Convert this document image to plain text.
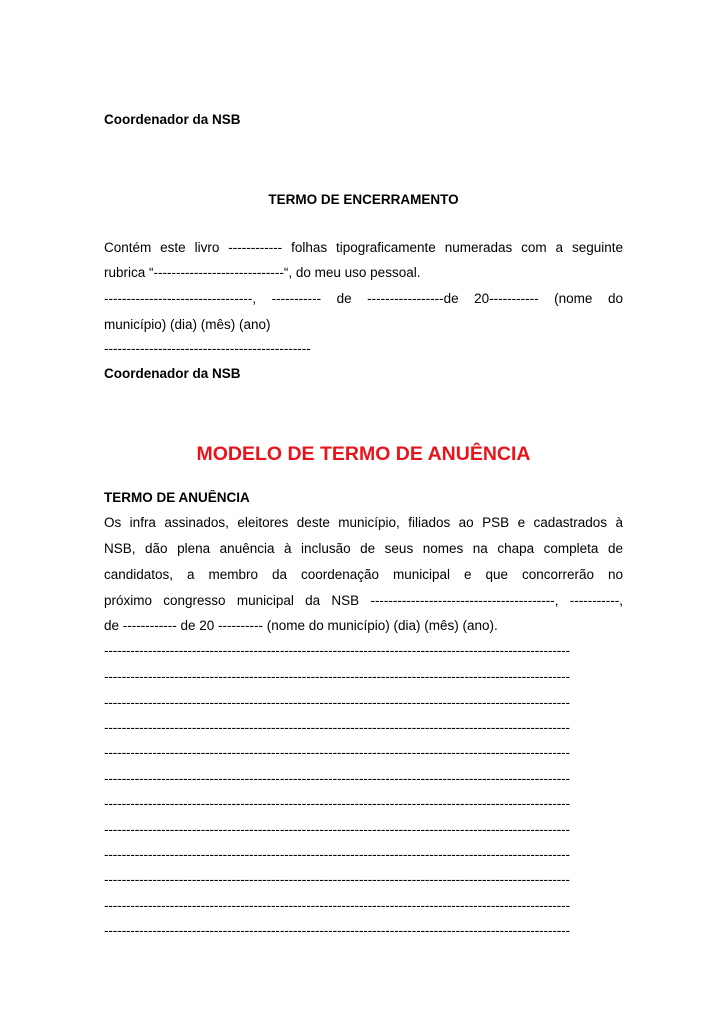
Coordenador da NSB
TERMO DE ENCERRAMENTO
Contém este livro ------------ folhas tipograficamente numeradas com a seguinte
rubrica “-----------------------------“, do meu uso pessoal.
---------------------------------, ----------- de -----------------de 20----------- (nome do
município) (dia) (mês) (ano)
----------------------------------------------
Coordenador da NSB
MODELO DE TERMO DE ANUÊNCIA
TERMO DE ANUÊNCIA
Os infra assinados, eleitores deste município, filiados ao PSB e cadastrados à
NSB, dão plena anuência à inclusão de seus nomes na chapa completa de
candidatos, a membro da coordenação municipal e que concorrerão no
próximo congresso municipal da NSB -----------------------------------------, -----------,
de ------------ de 20 ---------- (nome do município) (dia) (mês) (ano).
----------------------------------------------------------------------------------------------------------
----------------------------------------------------------------------------------------------------------
----------------------------------------------------------------------------------------------------------
----------------------------------------------------------------------------------------------------------
----------------------------------------------------------------------------------------------------------
----------------------------------------------------------------------------------------------------------
----------------------------------------------------------------------------------------------------------
----------------------------------------------------------------------------------------------------------
----------------------------------------------------------------------------------------------------------
----------------------------------------------------------------------------------------------------------
----------------------------------------------------------------------------------------------------------
----------------------------------------------------------------------------------------------------------
